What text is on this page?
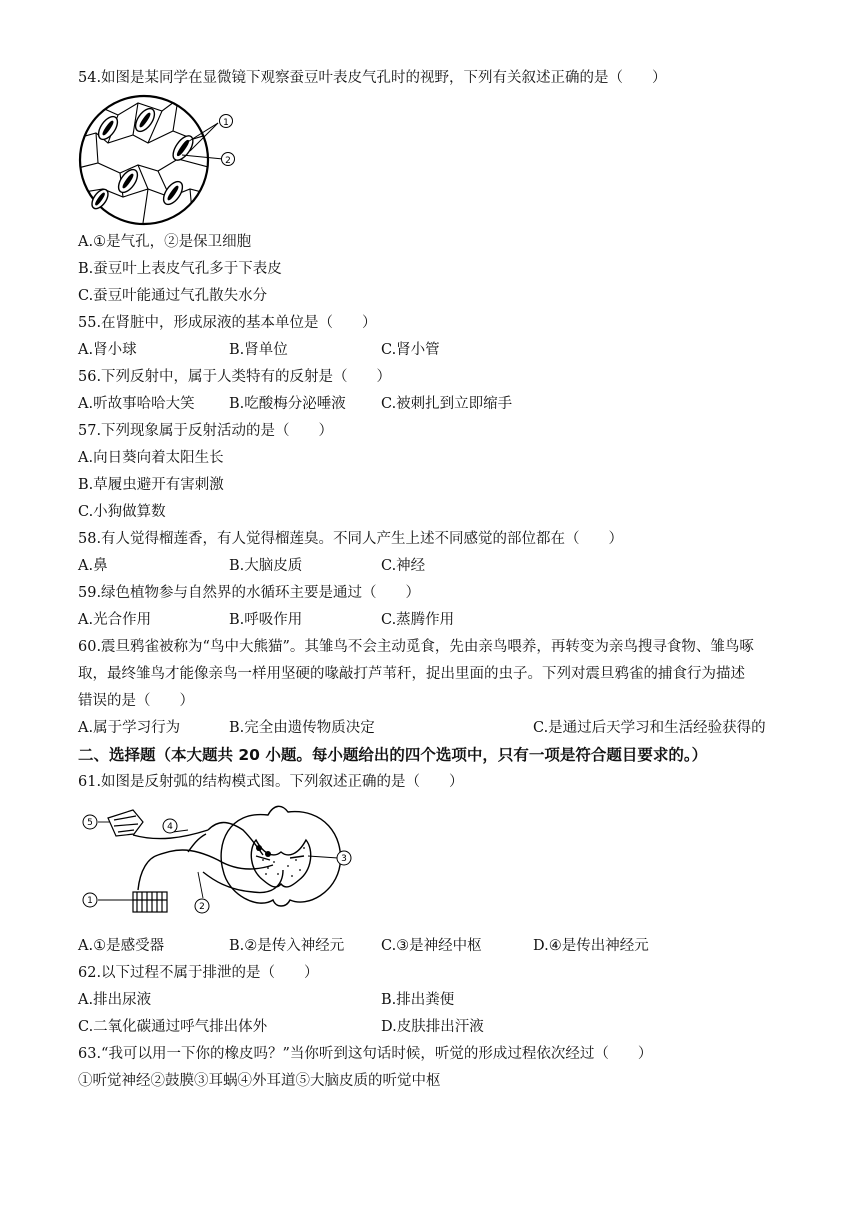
54.如图是某同学在显微镜下观察蚕豆叶表皮气孔时的视野，下列有关叙述正确的是（　　）
1
2
A.①是气孔，②是保卫细胞
B.蚕豆叶上表皮气孔多于下表皮
C.蚕豆叶能通过气孔散失水分
55.在肾脏中，形成尿液的基本单位是（　　）
A.肾小球	B.肾单位	C.肾小管
56.下列反射中，属于人类特有的反射是（　　）
A.听故事哈哈大笑 B.吃酸梅分泌唾液 C.被刺扎到立即缩手
57.下列现象属于反射活动的是（　　）
A.向日葵向着太阳生长
B.草履虫避开有害刺激
C.小狗做算数
58.有人觉得榴莲香，有人觉得榴莲臭。不同人产生上述不同感觉的部位都在（　　）
A.鼻	B.大脑皮质	C.神经
59.绿色植物参与自然界的水循环主要是通过（　　）
A.光合作用	B.呼吸作用	C.蒸腾作用
60.震旦鸦雀被称为“鸟中大熊猫”。其雏鸟不会主动觅食，先由亲鸟喂养，再转变为亲鸟搜寻食物、雏鸟啄
取，最终雏鸟才能像亲鸟一样用坚硬的喙敲打芦苇秆，捉出里面的虫子。下列对震旦鸦雀的捕食行为描述
错误的是（　　）
A.属于学习行为	B.完全由遗传物质决定	C.是通过后天学习和生活经验获得的
二、选择题（本大题共 20 小题。每小题给出的四个选项中，只有一项是符合题目要求的。）
61.如图是反射弧的结构模式图。下列叙述正确的是（　　）
5	4
3
1
2
A.①是感受器	B.②是传入神经元	C.③是神经中枢	D.④是传出神经元
62.以下过程不属于排泄的是（　　）
A.排出尿液	B.排出粪便
C.二氧化碳通过呼气排出体外	D.皮肤排出汗液
63.“我可以用一下你的橡皮吗？”当你听到这句话时候，听觉的形成过程依次经过（　　）
①听觉神经②鼓膜③耳蜗④外耳道⑤大脑皮质的听觉中枢
